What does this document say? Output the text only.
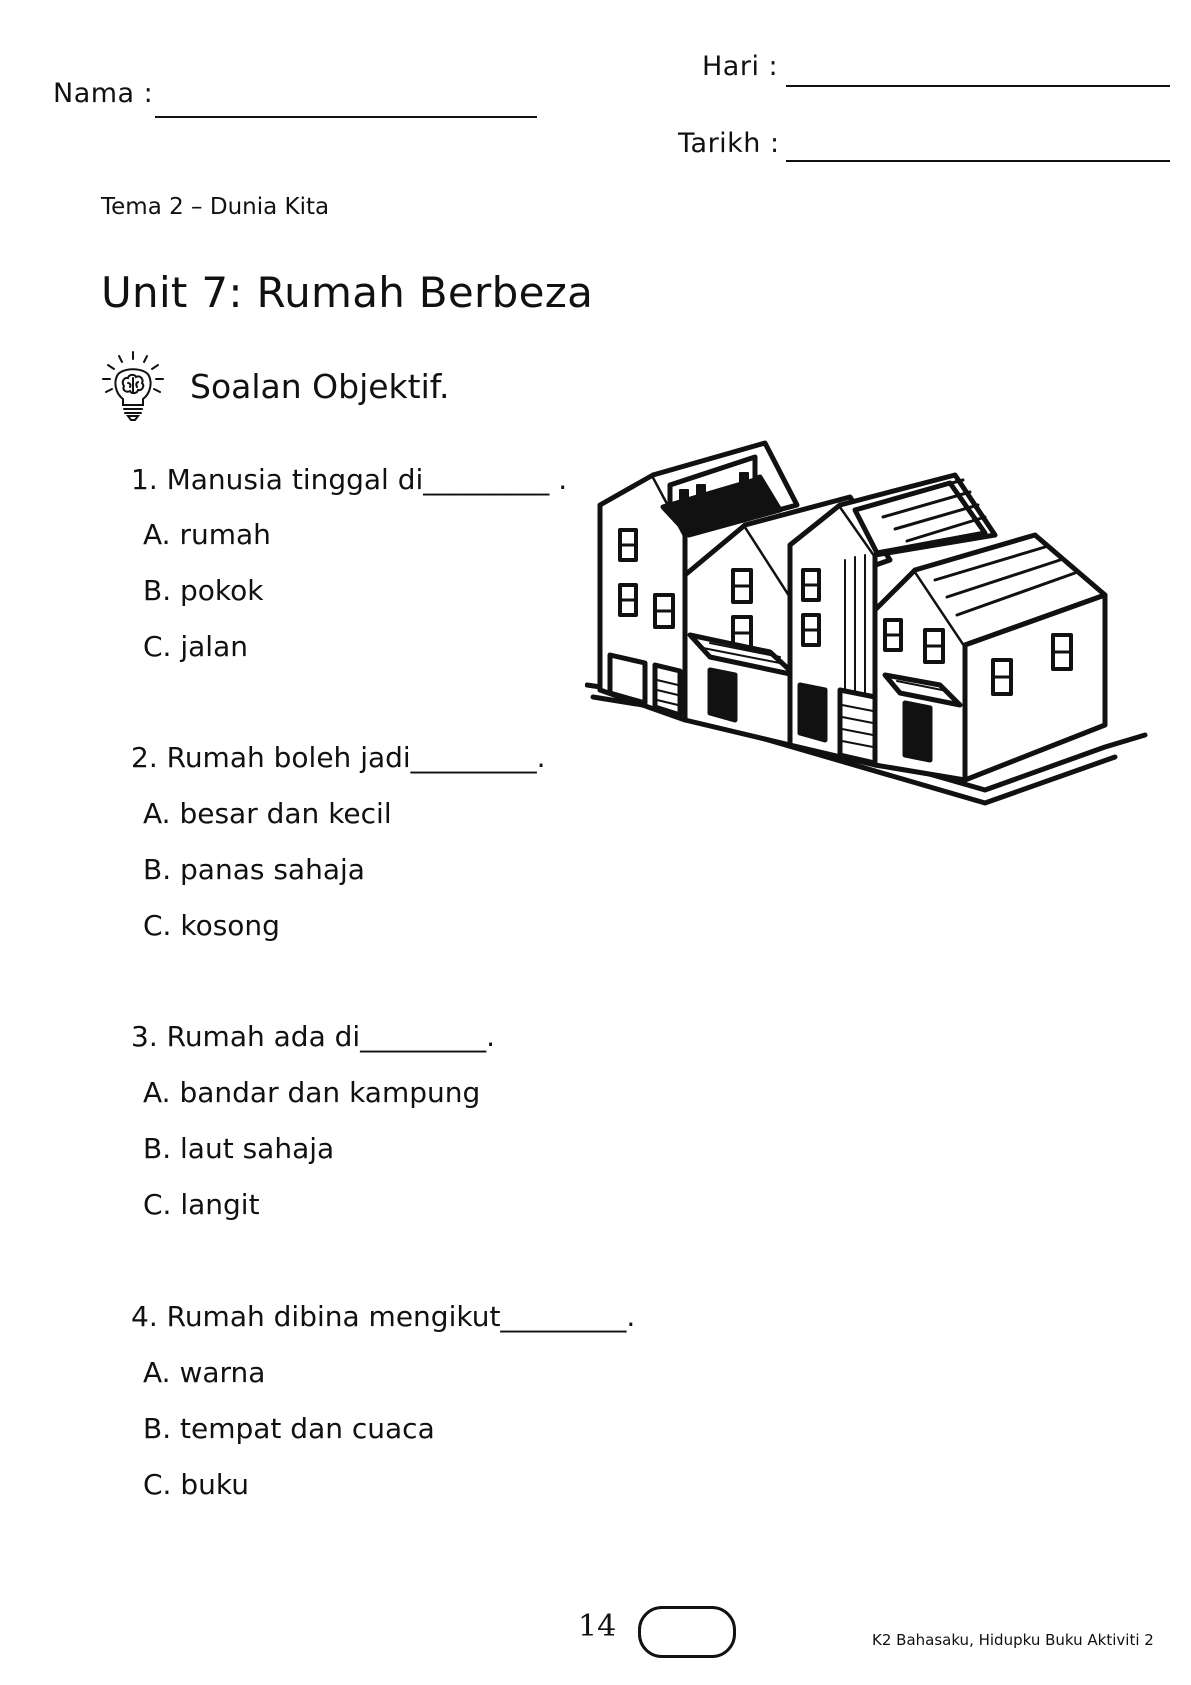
Nama :
Hari :
Tarikh :
Tema 2 – Dunia Kita
Unit 7: Rumah Berbeza
Soalan Objektif.
1. Manusia tinggal di_________ .
A. rumah
B. pokok
C. jalan
2. Rumah boleh jadi_________.
A. besar dan kecil
B. panas sahaja
C. kosong
3. Rumah ada di_________.
A. bandar dan kampung
B. laut sahaja
C. langit
4. Rumah dibina mengikut_________.
A. warna
B. tempat dan cuaca
C. buku
14	K2 Bahasaku, Hidupku Buku Aktiviti 2
